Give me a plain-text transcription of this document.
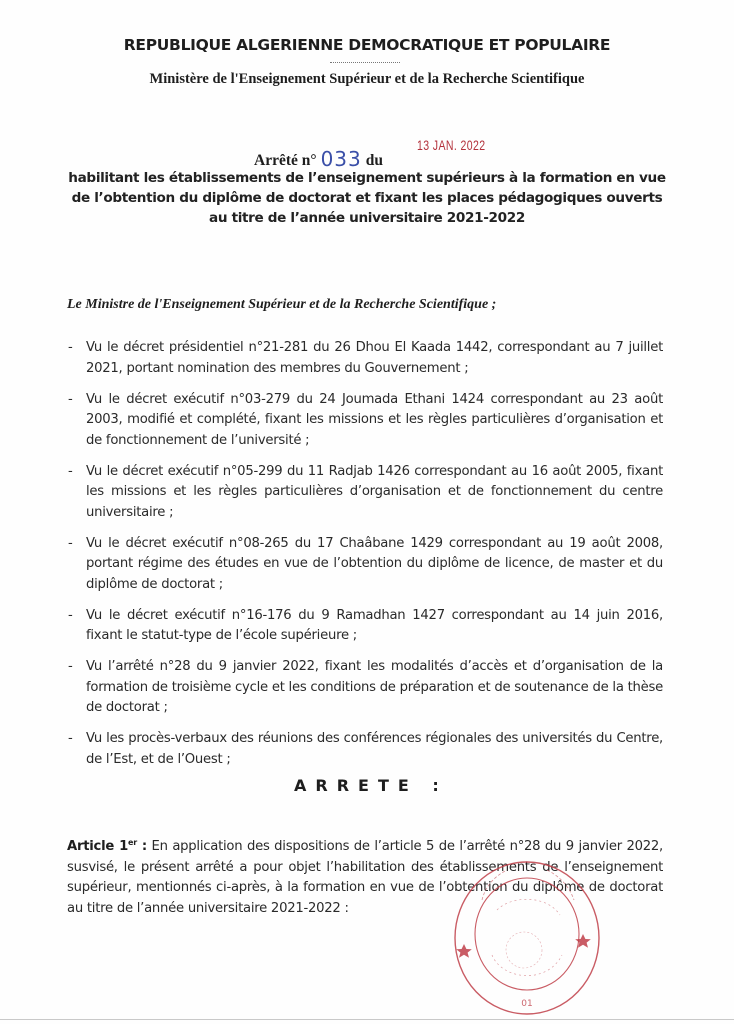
REPUBLIQUE ALGERIENNE DEMOCRATIQUE ET POPULAIRE
Ministère de l'Enseignement Supérieur et de la Recherche Scientifique
Arrêté n° 033 du
13 JAN. 2022
habilitant les établissements de l’enseignement supérieurs à la formation en vue
de l’obtention du diplôme de doctorat et fixant les places pédagogiques ouverts
au titre de l’année universitaire 2021-2022
Le Ministre de l'Enseignement Supérieur et de la Recherche Scientifique ;
- Vu le décret présidentiel n°21-281 du 26 Dhou El Kaada 1442, correspondant au 7 juillet 2021, portant nomination des membres du Gouvernement ;
- Vu le décret exécutif n°03-279 du 24 Joumada Ethani 1424 correspondant au 23 août 2003, modifié et complété, fixant les missions et les règles particulières d’organisation et de fonctionnement de l’université ;
- Vu le décret exécutif n°05-299 du 11 Radjab 1426 correspondant au 16 août 2005, fixant les missions et les règles particulières d’organisation et de fonctionnement du centre universitaire ;
- Vu le décret exécutif n°08-265 du 17 Chaâbane 1429 correspondant au 19 août 2008, portant régime des études en vue de l’obtention du diplôme de licence, de master et du diplôme de doctorat ;
- Vu le décret exécutif n°16-176 du 9 Ramadhan 1427 correspondant au 14 juin 2016, fixant le statut-type de l’école supérieure ;
- Vu l’arrêté n°28 du 9 janvier 2022, fixant les modalités d’accès et d’organisation de la formation de troisième cycle et les conditions de préparation et de soutenance de la thèse de doctorat ;
- Vu les procès-verbaux des réunions des conférences régionales des universités du Centre, de l’Est, et de l’Ouest ;
ARRETE :
Article 1er : En application des dispositions de l’article 5 de l’arrêté n°28 du 9 janvier 2022, susvisé, le présent arrêté a pour objet l’habilitation des établissements de l’enseignement supérieur, mentionnés ci-après, à la formation en vue de l’obtention du diplôme de doctorat au titre de l’année universitaire 2021-2022 :
01
